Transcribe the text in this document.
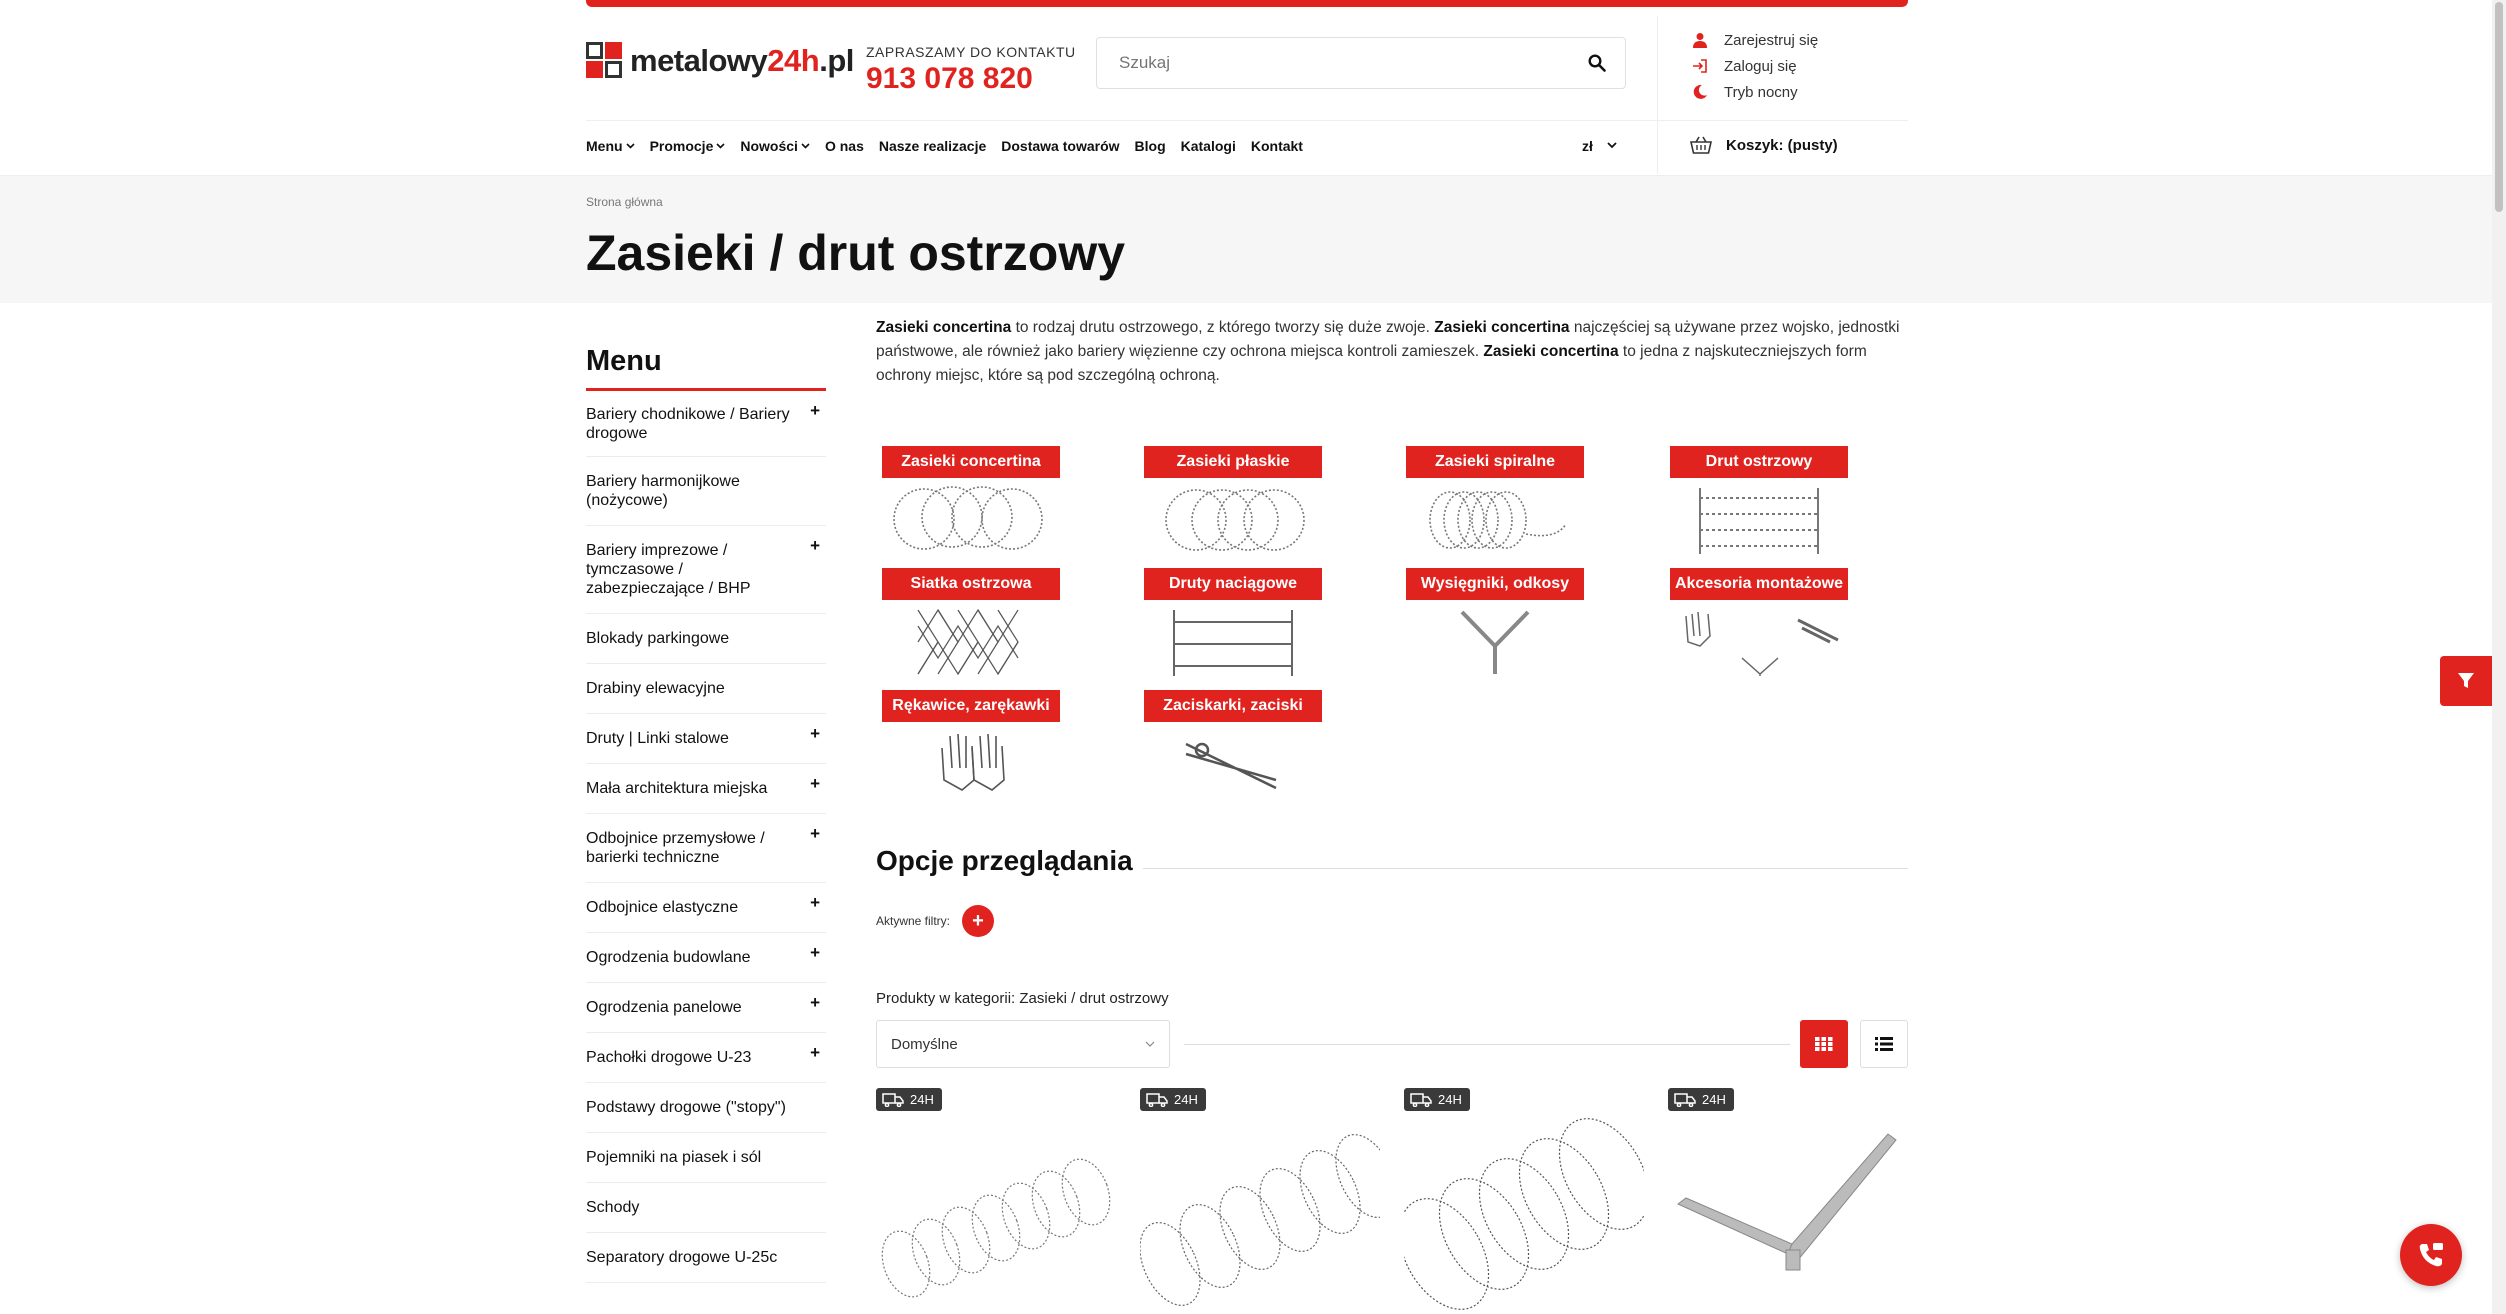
metalowy24h.pl ZAPRASZAMY DO KONTAKTU
913 078 820
Szukaj
Zarejestruj się
Zaloguj się
Tryb nocny
Menu Promocje Nowości O nas Nasze realizacje Dostawa towarów Blog Katalogi Kontakt	zł	Koszyk: (pusty)
Strona główna
Zasieki / drut ostrzowy
Menu
Bariery chodnikowe / Bariery drogowe
+
Bariery harmonijkowe (nożycowe)
Bariery imprezowe / tymczasowe / zabezpieczające / BHP
+
Blokady parkingowe
Drabiny elewacyjne
Druty | Linki stalowe	+
Mała architektura miejska	+
Odbojnice przemysłowe / barierki techniczne
+
Odbojnice elastyczne	+
Ogrodzenia budowlane	+
Ogrodzenia panelowe	+
Pachołki drogowe U-23	+
Podstawy drogowe ("stopy")
Pojemniki na piasek i sól
Schody
Separatory drogowe U-25c
Zasieki concertina to rodzaj drutu ostrzowego, z którego tworzy się duże zwoje. Zasieki concertina najczęściej są używane przez wojsko, jednostki państwowe, ale również jako bariery więzienne czy ochrona miejsca kontroli zamieszek. Zasieki concertina to jedna z najskuteczniejszych form ochrony miejsc, które są pod szczególną ochroną.
Zasieki concertina	Zasieki płaskie	Zasieki spiralne	Drut ostrzowy
Siatka ostrzowa	Druty naciągowe	Wysięgniki, odkosy	Akcesoria montażowe
Rękawice, zarękawki	Zaciskarki, zaciski
Opcje przeglądania
Aktywne filtry:	+
Produkty w kategorii: Zasieki / drut ostrzowy
Domyślne
24H	24H	24H	24H
